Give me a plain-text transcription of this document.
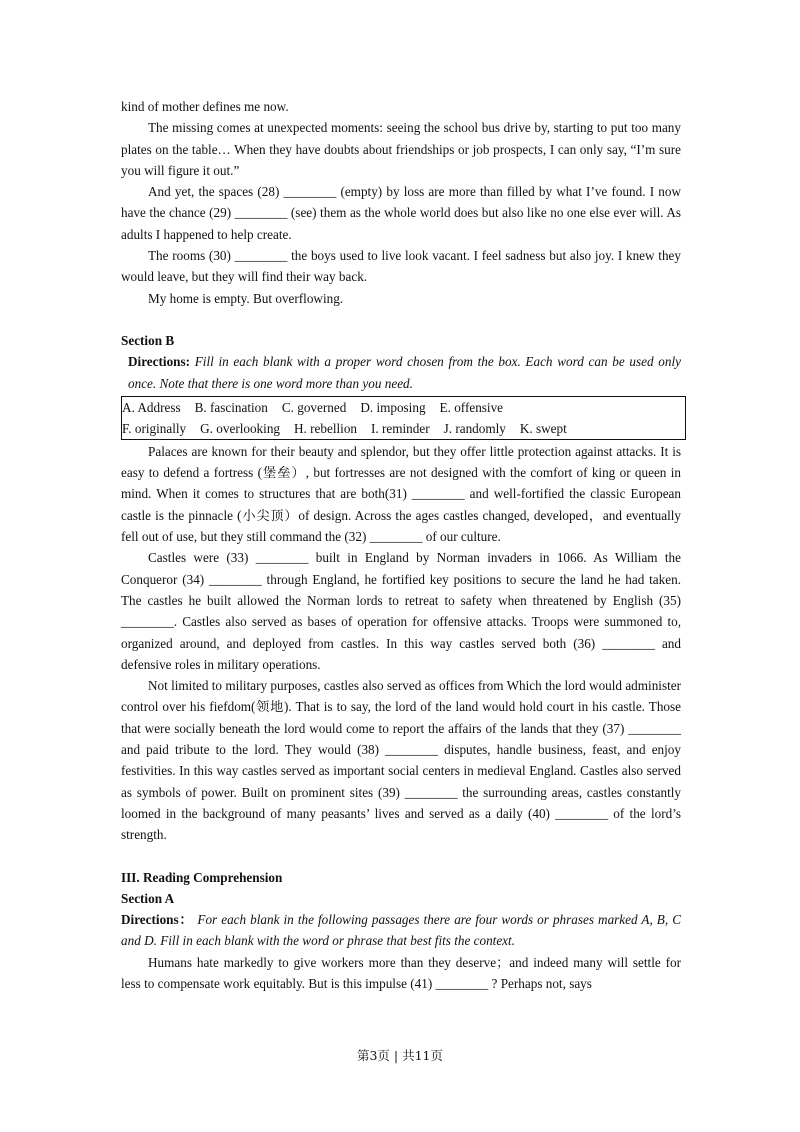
kind of mother defines me now.

The missing comes at unexpected moments: seeing the school bus drive by, starting to put too many plates on the table… When they have doubts about friendships or job prospects, I can only say, “I’m sure you will figure it out.”

And yet, the spaces (28) ________ (empty) by loss are more than filled by what I’ve found. I now have the chance (29) ________ (see) them as the whole world does but also like no one else ever will. As adults I happened to help create.

The rooms (30) ________ the boys used to live look vacant. I feel sadness but also joy. I knew they would leave, but they will find their way back.

My home is empty. But overflowing.

Section B

Directions: Fill in each blank with a proper word chosen from the box. Each word can be used only once. Note that there is one word more than you need.

A. Address B. fascination C. governed D. imposing E. offensive
F. originally G. overlooking H. rebellion I. reminder J. randomly K. swept

Palaces are known for their beauty and splendor, but they offer little protection against attacks. It is easy to defend a fortress (堡垒）, but fortresses are not designed with the comfort of king or queen in mind. When it comes to structures that are both(31) ________ and well-fortified the classic European castle is the pinnacle (小尖顶）of design. Across the ages castles changed, developed，and eventually fell out of use, but they still command the (32) ________ of our culture.

Castles were (33) ________ built in England by Norman invaders in 1066. As William the Conqueror (34) ________ through England, he fortified key positions to secure the land he had taken. The castles he built allowed the Norman lords to retreat to safety when threatened by English (35) ________. Castles also served as bases of operation for offensive attacks. Troops were summoned to, organized around, and deployed from castles. In this way castles served both (36) ________ and defensive roles in military operations.

Not limited to military purposes, castles also served as offices from Which the lord would administer control over his fiefdom(领地). That is to say, the lord of the land would hold court in his castle. Those that were socially beneath the lord would come to report the affairs of the lands that they (37) ________ and paid tribute to the lord. They would (38) ________ disputes, handle business, feast, and enjoy festivities. In this way castles served as important social centers in medieval England. Castles also served as symbols of power. Built on prominent sites (39) ________ the surrounding areas, castles constantly loomed in the background of many peasants’ lives and served as a daily (40) ________ of the lord’s strength.

III. Reading Comprehension

Section A

Directions： For each blank in the following passages there are four words or phrases marked A, B, C and D. Fill in each blank with the word or phrase that best fits the context.

Humans hate markedly to give workers more than they deserve；and indeed many will settle for less to compensate work equitably. But is this impulse (41) ________ ? Perhaps not, says

第3页 | 共11页
